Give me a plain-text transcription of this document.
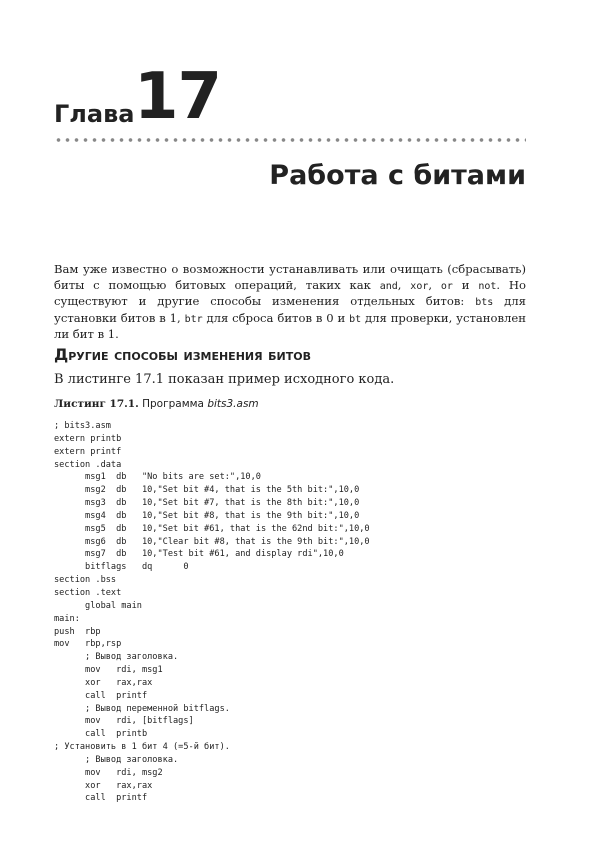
Глава 17
Работа с битами

Вам уже известно о возможности устанавливать или очищать (сбрасывать) биты с помощью битовых операций, таких как and, xor, or и not. Но существуют и другие способы изменения отдельных битов: bts для установки битов в 1, btr для сброса битов в 0 и bt для проверки, установлен ли бит в 1.

Другие способы изменения битов
В листинге 17.1 показан пример исходного кода.
Листинг 17.1. Программа bits3.asm
; bits3.asm
extern printb
extern printf
section .data
msg1  db   "No bits are set:",10,0
msg2  db   10,"Set bit #4, that is the 5th bit:",10,0
msg3  db   10,"Set bit #7, that is the 8th bit:",10,0
msg4  db   10,"Set bit #8, that is the 9th bit:",10,0
msg5  db   10,"Set bit #61, that is the 62nd bit:",10,0
msg6  db   10,"Clear bit #8, that is the 9th bit:",10,0
msg7  db   10,"Test bit #61, and display rdi",10,0
bitflags   dq      0
section .bss
section .text
global main
main:
push  rbp
mov   rbp,rsp
; Вывод заголовка.
mov   rdi, msg1
xor   rax,rax
call  printf
; Вывод переменной bitflags.
mov   rdi, [bitflags]
call  printb
; Установить в 1 бит 4 (=5-й бит).
; Вывод заголовка.
mov   rdi, msg2
xor   rax,rax
call  printf
